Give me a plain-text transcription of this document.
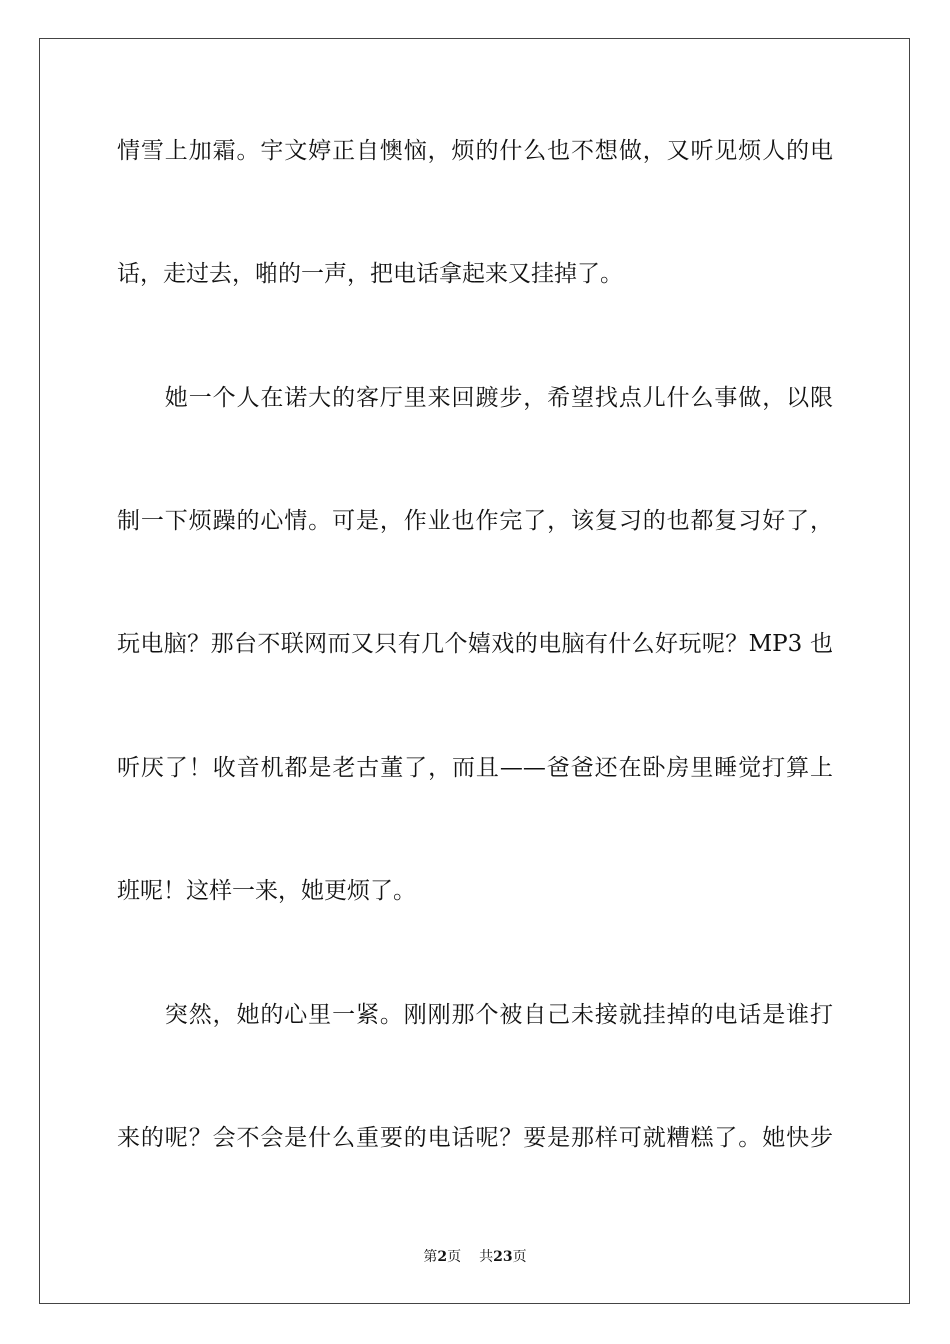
情雪上加霜。宇文婷正自懊恼，烦的什么也不想做，又听见烦人的电
话，走过去，啪的一声，把电话拿起来又挂掉了。
　　她一个人在诺大的客厅里来回踱步，希望找点儿什么事做，以限
制一下烦躁的心情。可是，作业也作完了，该复习的也都复习好了，
玩电脑？那台不联网而又只有几个嬉戏的电脑有什么好玩呢？MP3 也
听厌了！收音机都是老古董了，而且——爸爸还在卧房里睡觉打算上
班呢！这样一来，她更烦了。
　　突然，她的心里一紧。刚刚那个被自己未接就挂掉的电话是谁打
来的呢？会不会是什么重要的电话呢？要是那样可就糟糕了。她快步
第2页 共23页
